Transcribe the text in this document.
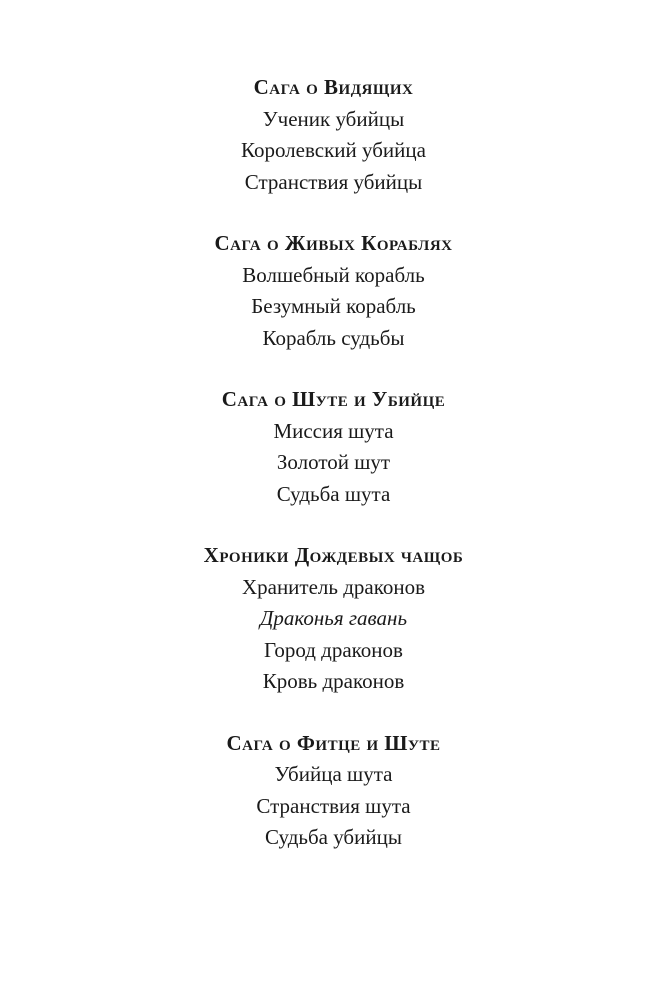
Сага о Видящих
Ученик убийцы
Королевский убийца
Странствия убийцы
Сага о Живых Кораблях
Волшебный корабль
Безумный корабль
Корабль судьбы
Сага о Шуте и Убийце
Миссия шута
Золотой шут
Судьба шута
Хроники Дождевых чащоб
Хранитель драконов
Драконья гавань
Город драконов
Кровь драконов
Сага о Фитце и Шуте
Убийца шута
Странствия шута
Судьба убийцы
